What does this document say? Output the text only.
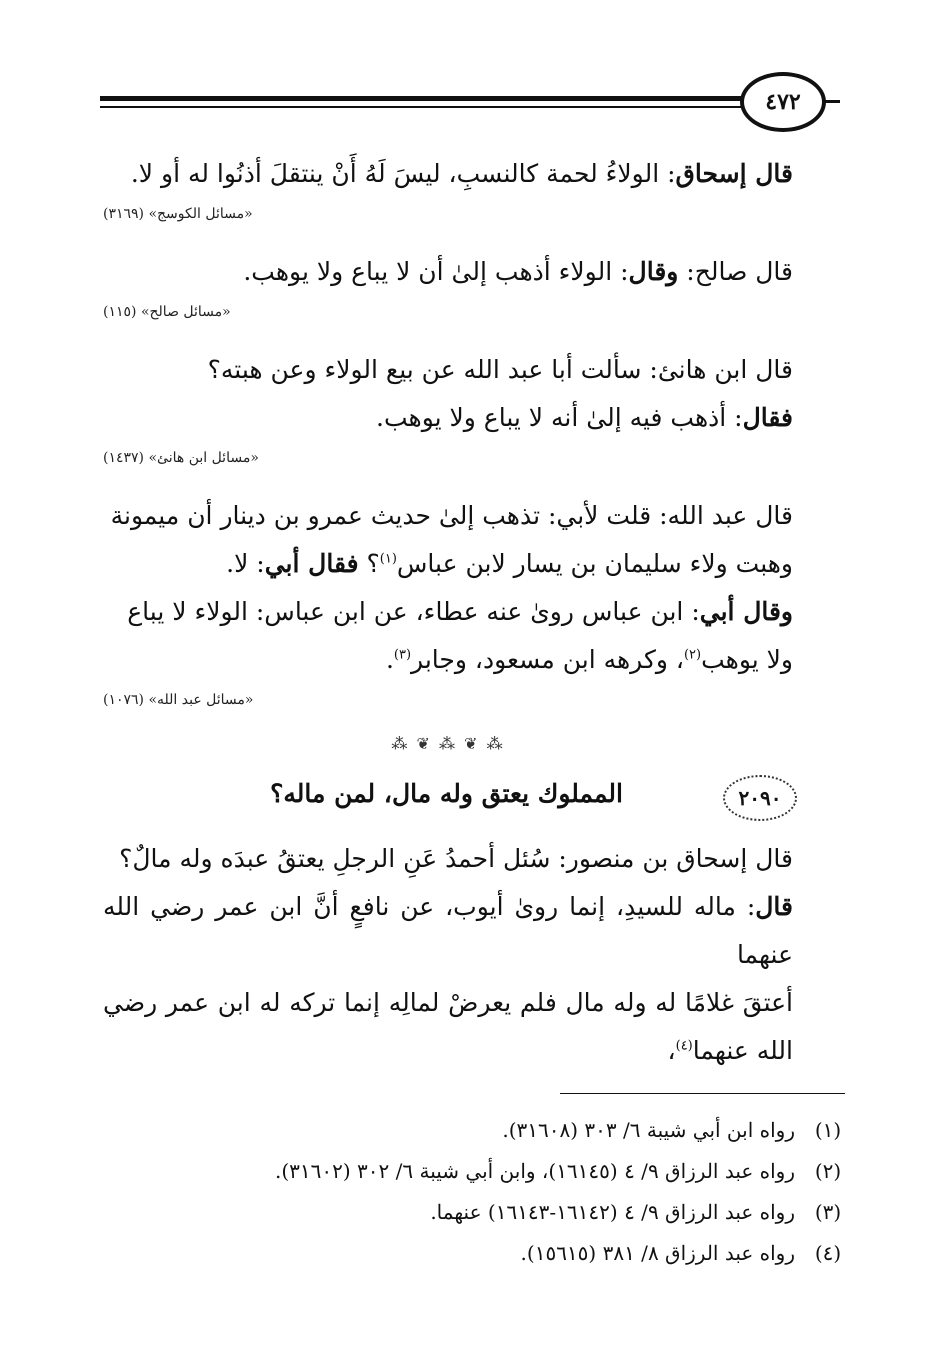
٤٧٢

قال إسحاق: الولاءُ لحمة كالنسبِ، ليسَ لَهُ أَنْ ينتقلَ أذنُوا له أو لا.

«مسائل الكوسج» (٣١٦٩)

قال صالح: وقال: الولاء أذهب إلىٰ أن لا يباع ولا يوهب.

«مسائل صالح» (١١٥)

قال ابن هانئ: سألت أبا عبد الله عن بيع الولاء وعن هبته؟

فقال: أذهب فيه إلىٰ أنه لا يباع ولا يوهب.

«مسائل ابن هانئ» (١٤٣٧)

قال عبد الله: قلت لأبي: تذهب إلىٰ حديث عمرو بن دينار أن ميمونة

وهبت ولاء سليمان بن يسار لابن عباس$^{(١)}$؟ فقال أبي: لا.

وقال أبي: ابن عباس رویٰ عنه عطاء، عن ابن عباس: الولاء لا يباع

ولا يوهب$^{(٢)}$، وكرهه ابن مسعود، وجابر$^{(٣)}$.

«مسائل عبد الله» (١٠٧٦)

⁂ ❦ ⁂ ❦ ⁂
٢٠٩٠
المملوك يعتق وله مال، لمن ماله؟

قال إسحاق بن منصور: سُئل أحمدُ عَنِ الرجلِ يعتقُ عبدَه وله مالٌ؟

قال: ماله للسيدِ، إنما روىٰ أيوب، عن نافعٍ أنَّ ابن عمر رضي الله عنهما

أعتقَ غلامًا له وله مال فلم يعرضْ لمالِه إنما تركه له ابن عمر رضي الله عنهما$^{(٤)}$،

(١)
رواه ابن أبي شيبة ٦/ ٣٠٣ (٣١٦٠٨).
(٢)
رواه عبد الرزاق ٩/ ٤ (١٦١٤٥)، وابن أبي شيبة ٦/ ٣٠٢ (٣١٦٠٢).
(٣)
رواه عبد الرزاق ٩/ ٤ (١٦١٤٢-١٦١٤٣) عنهما.
(٤)
رواه عبد الرزاق ٨/ ٣٨١ (١٥٦١٥).
